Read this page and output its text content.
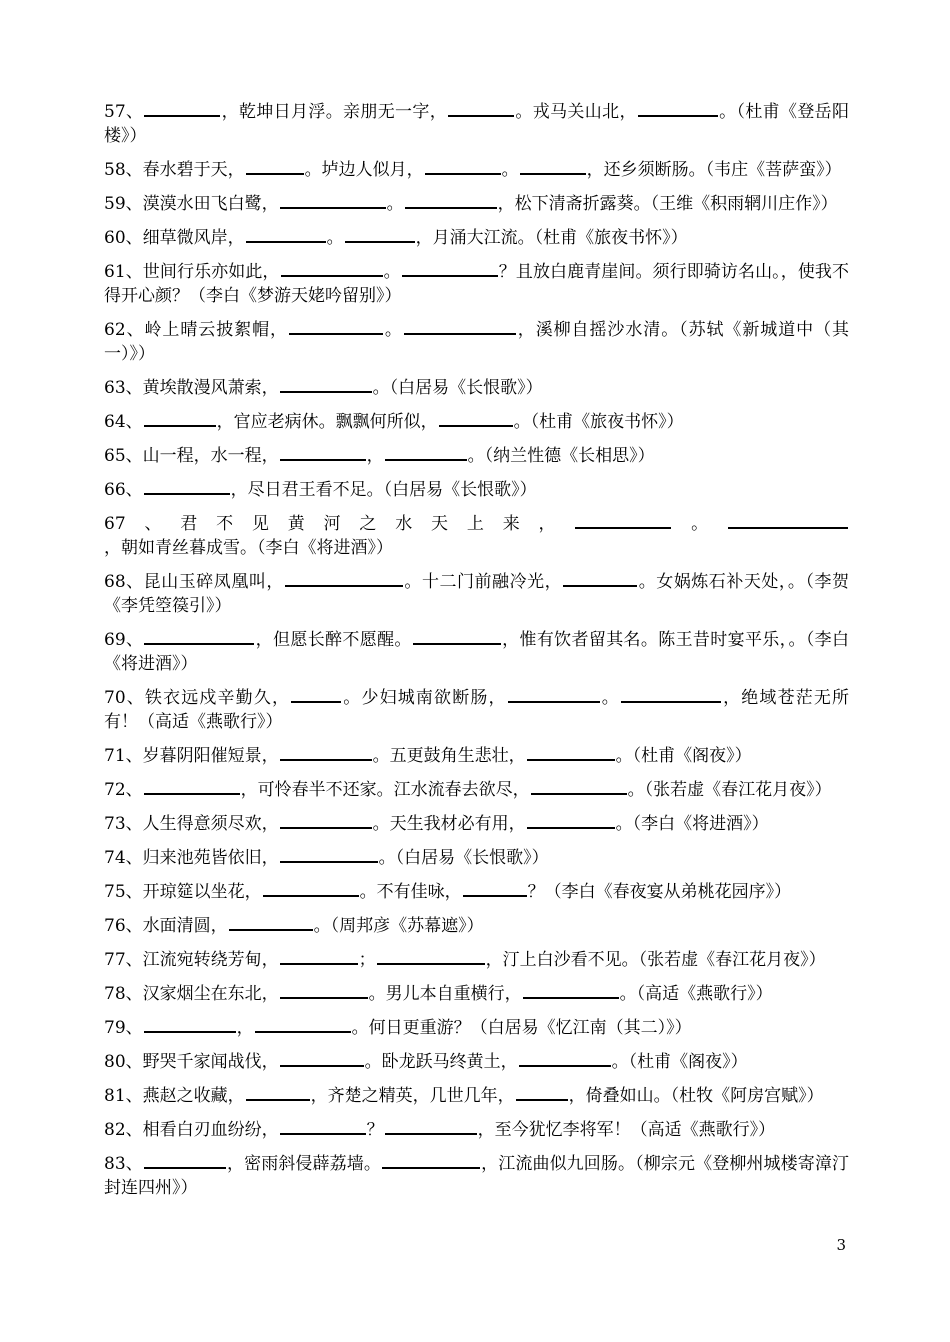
57、	，乾坤日月浮。亲朋无一字，	。戎马关山北，	。（杜甫《登岳阳楼》）
58、春水碧于天，	。垆边人似月，	。	，还乡须断肠。（韦庄《菩萨蛮》）
59、漠漠水田飞白鹭，	。	，松下清斋折露葵。（王维《积雨辋川庄作》）
60、细草微风岸，	。	，月涌大江流。（杜甫《旅夜书怀》）
61、世间行乐亦如此，	。	？且放白鹿青崖间。须行即骑访名山。，使我不得开心颜？（李白《梦游天姥吟留别》）
62、岭上晴云披絮帽，	。	，溪柳自摇沙水清。（苏轼《新城道中（其一）》）
63、黄埃散漫风萧索，	。（白居易《长恨歌》）
64、	，官应老病休。飘飘何所似，	。（杜甫《旅夜书怀》）
65、山一程，水一程，	，	。（纳兰性德《长相思》）
66、	，尽日君王看不足。（白居易《长恨歌》）
67、君不见黄河之水天上来，	。，朝如青丝暮成雪。（李白《将进酒》）
68、昆山玉碎凤凰叫，	。十二门前融冷光，	。女娲炼石补天处，。（李贺《李凭箜篌引》）
69、	，但愿长醉不愿醒。	，惟有饮者留其名。陈王昔时宴平乐，。（李白《将进酒》）
70、铁衣远戍辛勤久，	。少妇城南欲断肠，	。	，绝域苍茫无所有！（高适《燕歌行》）
71、岁暮阴阳催短景，	。五更鼓角生悲壮，	。（杜甫《阁夜》）
72、	，可怜春半不还家。江水流春去欲尽，	。（张若虚《春江花月夜》）
73、人生得意须尽欢，	。天生我材必有用，	。（李白《将进酒》）
74、归来池苑皆依旧，	。（白居易《长恨歌》）
75、开琼筵以坐花，	。不有佳咏，	？（李白《春夜宴从弟桃花园序》）
76、水面清圆，	。（周邦彦《苏幕遮》）
77、江流宛转绕芳甸，	；	，汀上白沙看不见。（张若虚《春江花月夜》）
78、汉家烟尘在东北，	。男儿本自重横行，	。（高适《燕歌行》）
79、	，	。何日更重游？（白居易《忆江南（其二）》）
80、野哭千家闻战伐，	。卧龙跃马终黄土，	。（杜甫《阁夜》）
81、燕赵之收藏，	，齐楚之精英，几世几年，	，倚叠如山。（杜牧《阿房宫赋》）
82、相看白刃血纷纷，	？	，至今犹忆李将军！（高适《燕歌行》）
83、	，密雨斜侵薜荔墙。	，江流曲似九回肠。（柳宗元《登柳州城楼寄漳汀封连四州》）
3
